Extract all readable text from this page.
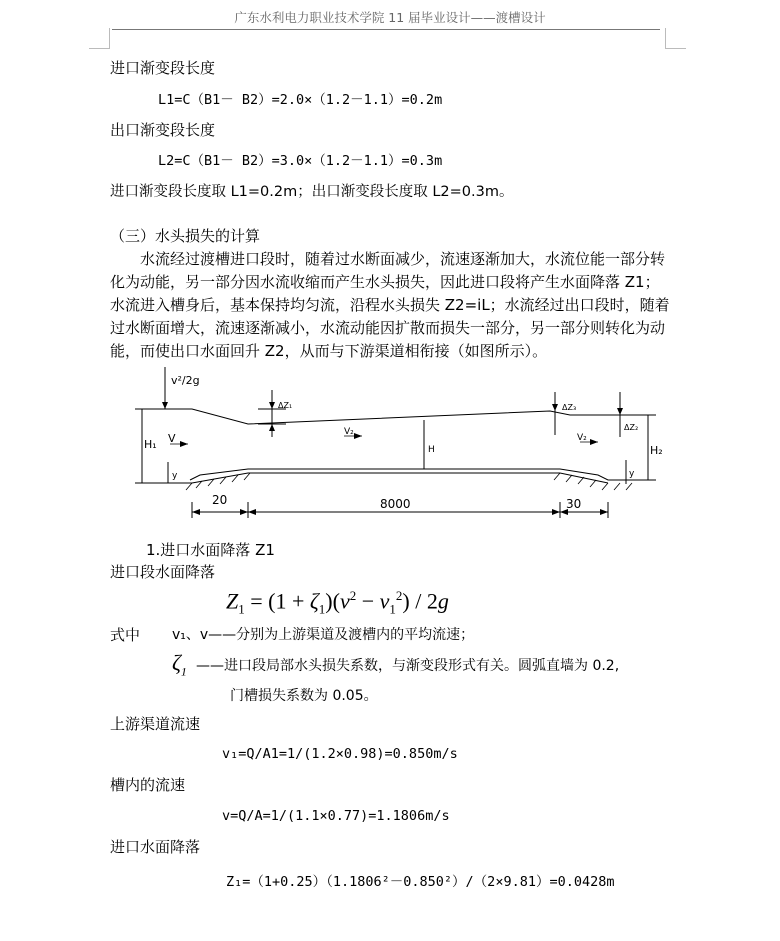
广东水利电力职业技术学院 11 届毕业设计——渡槽设计
进口渐变段长度
L1=C（B1－ B2）=2.0×（1.2－1.1）=0.2m
出口渐变段长度
L2=C（B1－ B2）=3.0×（1.2－1.1）=0.3m
进口渐变段长度取 L1=0.2m；出口渐变段长度取 L2=0.3m。
（三）水头损失的计算
水流经过渡槽进口段时，随着过水断面减少，流速逐渐加大，水流位能一部分转化为动能，另一部分因水流收缩而产生水头损失，因此进口段将产生水面降落 Z1；水流进入槽身后，基本保持均匀流，沿程水头损失 Z2=iL；水流经过出口段时，随着过水断面增大，流速逐渐减小，水流动能因扩散而损失一部分，另一部分则转化为动能，而使出口水面回升 Z2，从而与下游渠道相衔接（如图所示）。
v²/2g
ΔZ₁
H₁ V	V₂
H
ΔZ₃
V₂
ΔZ₂
H₂
y	y
20	8000	30
1.进口水面降落 Z1
进口段水面降落
$Z_1 = (1 + \zeta_1)(v^2 - v_1^2) / 2g$
式中 v₁、v——分别为上游渠道及渡槽内的平均流速；
$\zeta_1$ ——进口段局部水头损失系数，与渐变段形式有关。圆弧直墙为 0.2,
门槽损失系数为 0.05。
上游渠道流速
v₁=Q/A1=1/(1.2×0.98)=0.850m/s
槽内的流速
v=Q/A=1/(1.1×0.77)=1.1806m/s
进口水面降落
Z₁=（1+0.25）（1.1806²－0.850²）/（2×9.81）=0.0428m
